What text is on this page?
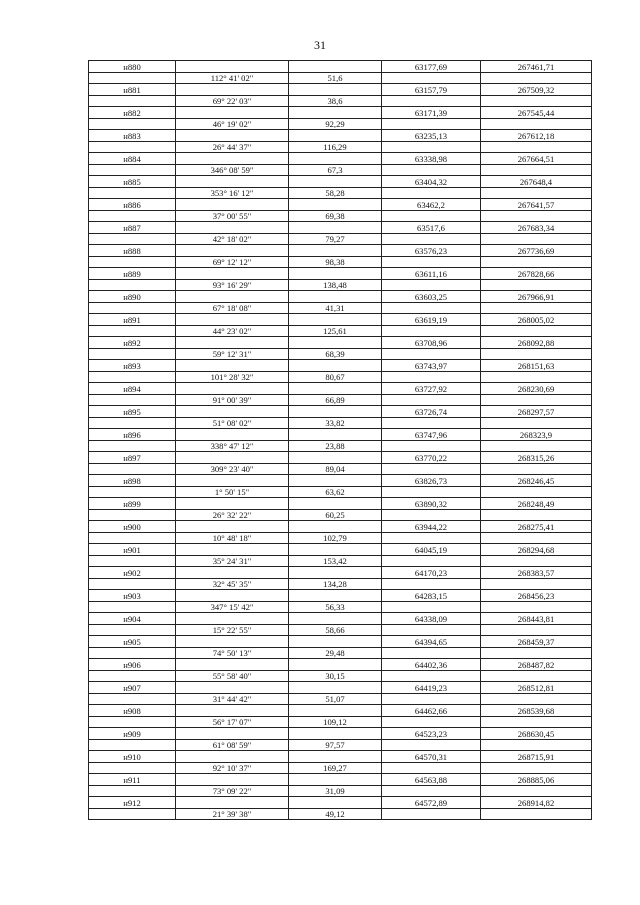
31
н880			63177,69	267461,71
	112° 41' 02"	51,6		
н881			63157,79	267509,32
	69° 22' 03"	38,6		
н882			63171,39	267545,44
	46° 19' 02"	92,29		
н883			63235,13	267612,18
	26° 44' 37"	116,29		
н884			63338,98	267664,51
	346° 08' 59"	67,3		
н885			63404,32	267648,4
	353° 16' 12"	58,28		
н886			63462,2	267641,57
	37° 00' 55"	69,38		
н887			63517,6	267683,34
	42° 18' 02"	79,27		
н888			63576,23	267736,69
	69° 12' 12"	98,38		
н889			63611,16	267828,66
	93° 16' 29"	138,48		
н890			63603,25	267966,91
	67° 18' 08"	41,31		
н891			63619,19	268005,02
	44° 23' 02"	125,61		
н892			63708,96	268092,88
	59° 12' 31"	68,39		
н893			63743,97	268151,63
	101° 28' 32"	80,67		
н894			63727,92	268230,69
	91° 00' 39"	66,89		
н895			63726,74	268297,57
	51° 08' 02"	33,82		
н896			63747,96	268323,9
	338° 47' 12"	23,88		
н897			63770,22	268315,26
	309° 23' 40"	89,04		
н898			63826,73	268246,45
	1° 50' 15"	63,62		
н899			63890,32	268248,49
	26° 32' 22"	60,25		
н900			63944,22	268275,41
	10° 48' 18"	102,79		
н901			64045,19	268294,68
	35° 24' 31"	153,42		
н902			64170,23	268383,57
	32° 45' 35"	134,28		
н903			64283,15	268456,23
	347° 15' 42"	56,33		
н904			64338,09	268443,81
	15° 22' 55"	58,66		
н905			64394,65	268459,37
	74° 50' 13"	29,48		
н906			64402,36	268487,82
	55° 58' 40"	30,15		
н907			64419,23	268512,81
	31° 44' 42"	51,07		
н908			64462,66	268539,68
	56° 17' 07"	109,12		
н909			64523,23	268630,45
	61° 08' 59"	97,57		
н910			64570,31	268715,91
	92° 10' 37"	169,27		
н911			64563,88	268885,06
	73° 09' 22"	31,09		
н912			64572,89	268914,82
	21° 39' 38"	49,12		
